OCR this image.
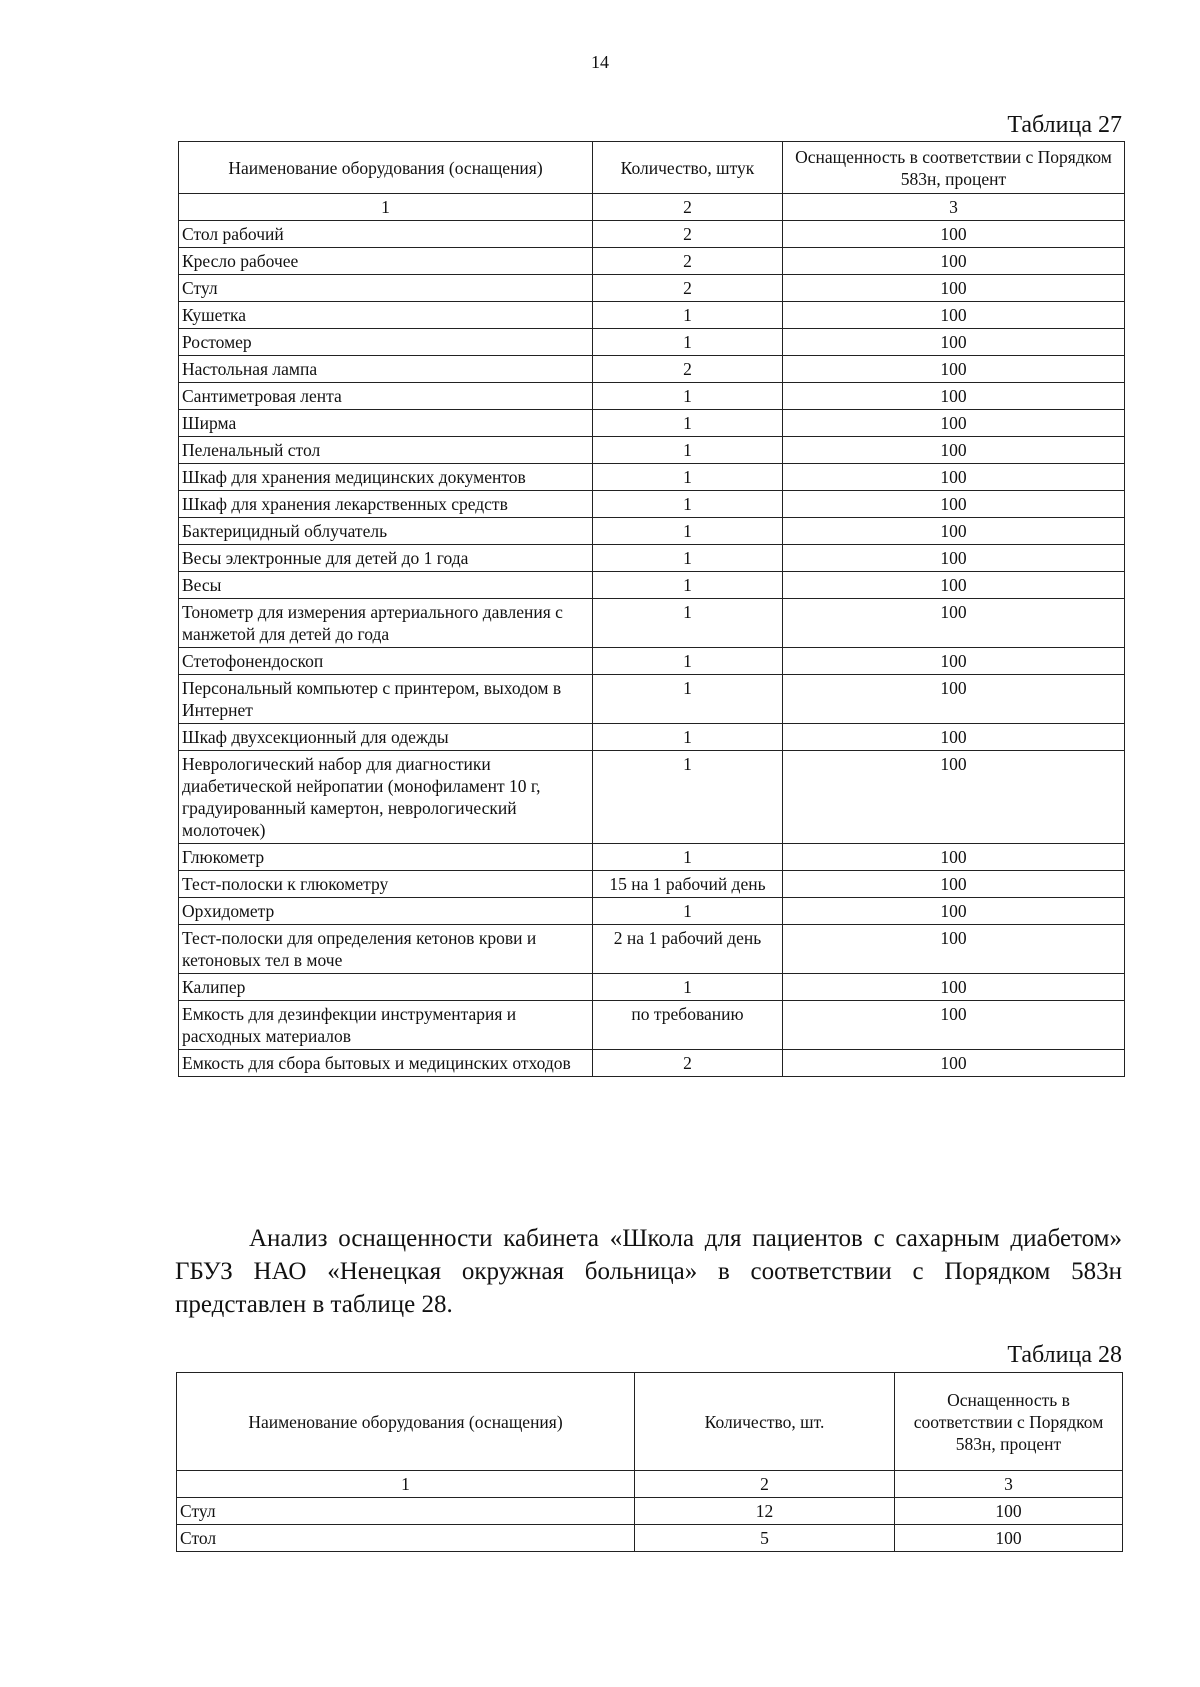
14
Таблица 27
Наименование оборудования (оснащения)	Количество, штук	Оснащенность в соответствии с Порядком 583н, процент
1	2	3
Стол рабочий	2	100
Кресло рабочее	2	100
Стул	2	100
Кушетка	1	100
Ростомер	1	100
Настольная лампа	2	100
Сантиметровая лента	1	100
Ширма	1	100
Пеленальный стол	1	100
Шкаф для хранения медицинских документов	1	100
Шкаф для хранения лекарственных средств	1	100
Бактерицидный облучатель	1	100
Весы электронные для детей до 1 года	1	100
Весы	1	100
Тонометр для измерения артериального давления с манжетой для детей до года	1	100
Стетофонендоскоп	1	100
Персональный компьютер с принтером, выходом в Интернет	1	100
Шкаф двухсекционный для одежды	1	100
Неврологический набор для диагностики диабетической нейропатии (монофиламент 10 г, градуированный камертон, неврологический молоточек)	1	100
Глюкометр	1	100
Тест-полоски к глюкометру	15 на 1 рабочий день	100
Орхидометр	1	100
Тест-полоски для определения кетонов крови и кетоновых тел в моче	2 на 1 рабочий день	100
Калипер	1	100
Емкость для дезинфекции инструментария и расходных материалов	по требованию	100
Емкость для сбора бытовых и медицинских отходов	2	100
Анализ оснащенности кабинета «Школа для пациентов с сахарным диабетом» ГБУЗ НАО «Ненецкая окружная больница» в соответствии с Порядком 583н представлен в таблице 28.
Таблица 28
Наименование оборудования (оснащения)	Количество, шт.	Оснащенность в соответствии с Порядком 583н, процент
1	2	3
Стул	12	100
Стол	5	100
